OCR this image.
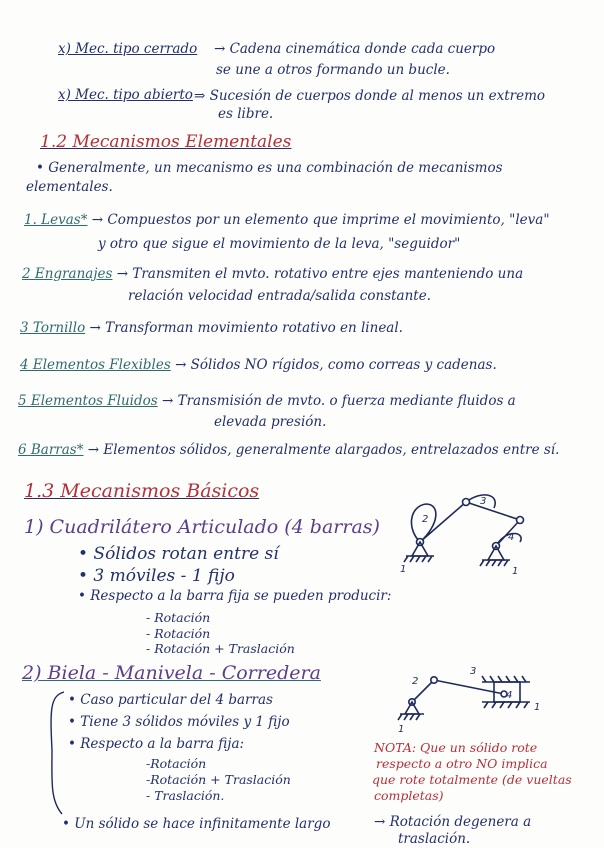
x) Mec. tipo cerrado → Cadena cinemática donde cada cuerpo
se une a otros formando un bucle.
x) Mec. tipo abierto ⇒ Sucesión de cuerpos donde al menos un extremo
es libre.
1.2 Mecanismos Elementales
• Generalmente, un mecanismo es una combinación de mecanismos
elementales.
1. Levas* → Compuestos por un elemento que imprime el movimiento, "leva"
y otro que sigue el movimiento de la leva, "seguidor"
2 Engranajes → Transmiten el mvto. rotativo entre ejes manteniendo una
relación velocidad entrada/salida constante.
3 Tornillo → Transforman movimiento rotativo en lineal.
4 Elementos Flexibles → Sólidos NO rígidos, como correas y cadenas.
5 Elementos Fluidos → Transmisión de mvto. o fuerza mediante fluidos a
elevada presión.
6 Barras* → Elementos sólidos, generalmente alargados, entrelazados entre sí.
1.3 Mecanismos Básicos
1) Cuadrilátero Articulado (4 barras)
• Sólidos rotan entre sí
• 3 móviles - 1 fijo
• Respecto a la barra fija se pueden producir:
- Rotación
- Rotación
- Rotación + Traslación
2
3
4
1	1
2) Biela - Manivela - Corredera
• Caso particular del 4 barras
• Tiene 3 sólidos móviles y 1 fijo
• Respecto a la barra fija:
-Rotación
-Rotación + Traslación
- Traslación.
2
3
4
1
1
NOTA: Que un sólido rote
respecto a otro NO implica
que rote totalmente (de vueltas
completas)
• Un sólido se hace infinitamente largo	→ Rotación degenera a
traslación.
